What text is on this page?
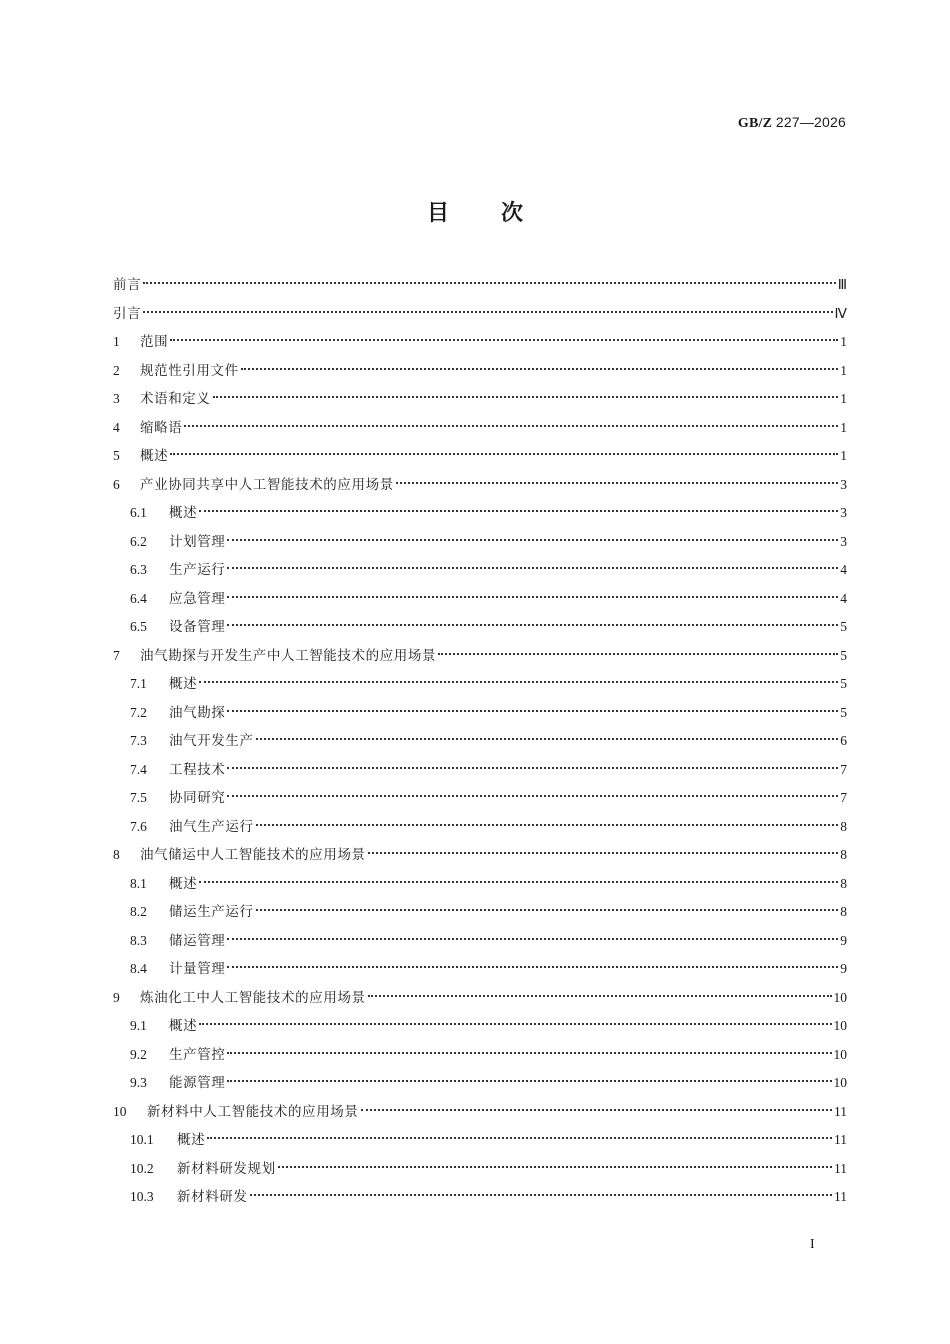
GB/Z 227—2026
目次
前言	Ⅲ
引言	Ⅳ
1	范围	1
2	规范性引用文件	1
3	术语和定义	1
4	缩略语	1
5	概述	1
6	产业协同共享中人工智能技术的应用场景	3
6.1	概述	3
6.2	计划管理	3
6.3	生产运行	4
6.4	应急管理	4
6.5	设备管理	5
7	油气勘探与开发生产中人工智能技术的应用场景	5
7.1	概述	5
7.2	油气勘探	5
7.3	油气开发生产	6
7.4	工程技术	7
7.5	协同研究	7
7.6	油气生产运行	8
8	油气储运中人工智能技术的应用场景	8
8.1	概述	8
8.2	储运生产运行	8
8.3	储运管理	9
8.4	计量管理	9
9	炼油化工中人工智能技术的应用场景	10
9.1	概述	10
9.2	生产管控	10
9.3	能源管理	10
10	新材料中人工智能技术的应用场景	11
10.1	概述	11
10.2	新材料研发规划	11
10.3	新材料研发	11
I
